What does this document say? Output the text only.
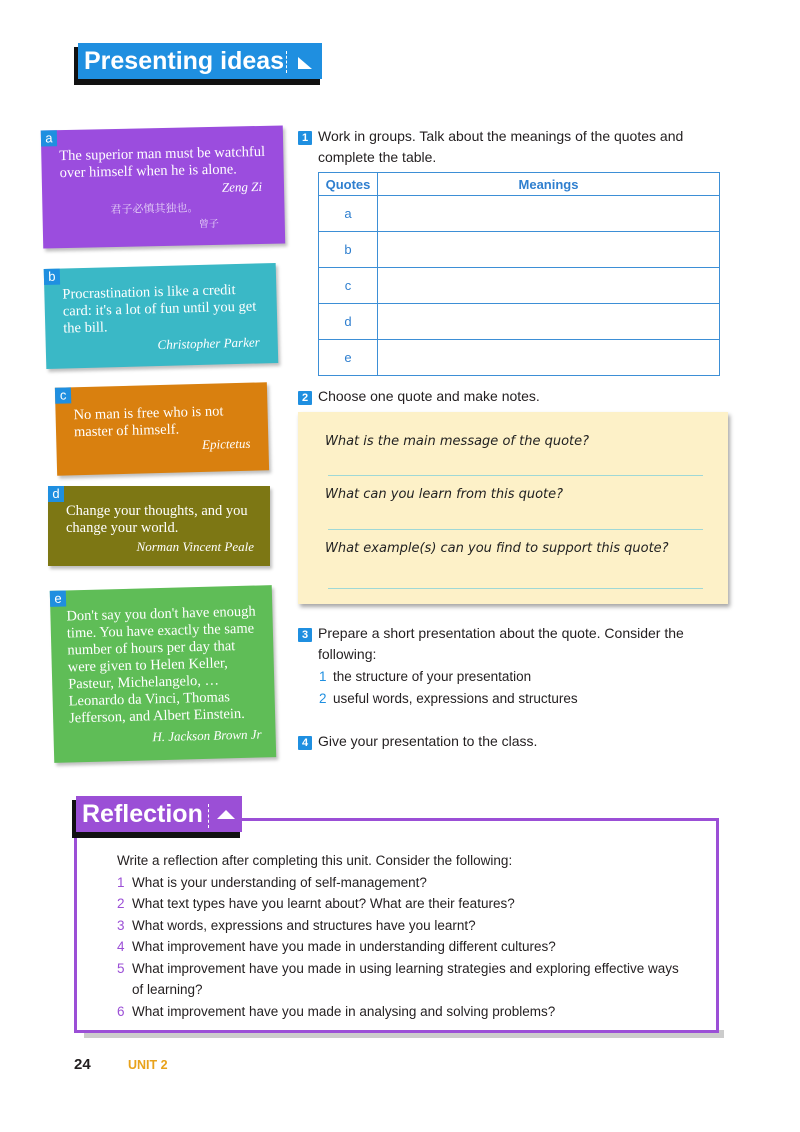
Presenting ideas
a
The superior man must be watchful over himself when he is alone.
Zeng Zi
君子必慎其独也。
曾子
b
Procrastination is like a credit card: it's a lot of fun until you get the bill.
Christopher Parker
c
No man is free who is not master of himself.
Epictetus
d
Change your thoughts, and you change your world.
Norman Vincent Peale
e
Don't say you don't have enough time. You have exactly the same number of hours per day that were given to Helen Keller, Pasteur, Michelangelo, … Leonardo da Vinci, Thomas Jefferson, and Albert Einstein.
H. Jackson Brown Jr
1 Work in groups. Talk about the meanings of the quotes and
complete the table.
Quotes	Meanings
a	
b	
c	
d	
e	
2 Choose one quote and make notes.
What is the main message of the quote?
What can you learn from this quote?
What example(s) can you find to support this quote?
3 Prepare a short presentation about the quote. Consider the
following:
1 the structure of your presentation
2 useful words, expressions and structures
4 Give your presentation to the class.
Reflection
Write a reflection after completing this unit. Consider the following:
1 What is your understanding of self-management?
2 What text types have you learnt about? What are their features?
3 What words, expressions and structures have you learnt?
4 What improvement have you made in understanding different cultures?
5 What improvement have you made in using learning strategies and exploring effective ways
of learning?
6 What improvement have you made in analysing and solving problems?
24	UNIT 2
